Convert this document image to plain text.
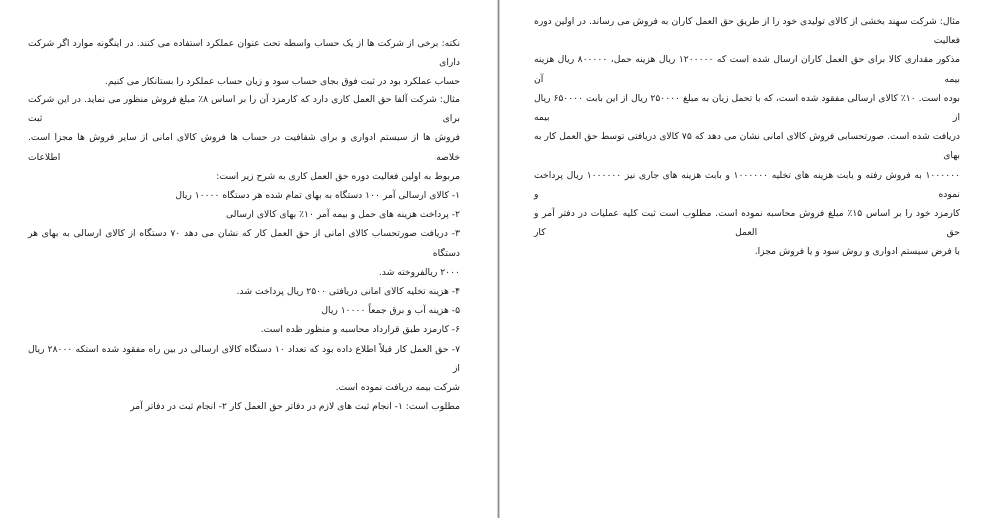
مثال: شرکت سهند بخشی از کالای تولیدی خود را از طریق حق العمل کاران به فروش می رساند. در اولین دوره فعالیت
مذکور مقداری کالا برای حق العمل کاران ارسال شده است که ۱۲۰۰۰۰۰ ریال هزینه حمل، ۸۰۰۰۰۰ ریال هزینه بیمه آن
بوده است. ۱۰٪ کالای ارسالی مفقود شده است، که با تحمل زیان به مبلغ ۲۵۰۰۰۰ ریال از این بابت ۶۵۰۰۰۰ ریال از بیمه
دریافت شده است. صورتحسابی فروش کالای امانی نشان می دهد که ۷۵ کالای دریافتی توسط حق العمل کار به بهای
۱۰۰۰۰۰۰ به فروش رفته و بابت هزینه های تخلیه ۱۰۰۰۰۰۰ و بابت هزینه های جاری نیز ۱۰۰۰۰۰۰ ریال پرداخت نموده و
کارمزد خود را بر اساس ۱۵٪ مبلغ فروش محاسبه نموده است. مطلوب است ثبت کلیه عملیات در دفتر آمر و حق العمل کار
با فرض سیستم ادواری و روش سود و یا فروش مجزا.
نکته: برخی از شرکت ها از یک حساب واسطه تحت عنوان عملکرد استفاده می کنند. در اینگونه موارد اگر شرکت دارای
حساب عملکرد بود در ثبت فوق بجای حساب سود و زیان حساب عملکرد را بستانکار می کنیم.
مثال: شرکت آلفا حق العمل کاری دارد که کارمزد آن را بر اساس ۸٪ مبلغ فروش منظور می نماید. در این شرکت برای ثبت
فروش ها از سیستم ادواری و برای شفافیت در حساب ها فروش کالای امانی از سایر فروش ها مجزا است. خلاصه اطلاعات
مربوط به اولین فعالیت دوره حق العمل کاری به شرح زیر است:
۱- کالای ارسالی آمر ۱۰۰ دستگاه به بهای تمام شده هر دستگاه ۱۰۰۰۰ ریال
۲- پرداخت هزینه های حمل و بیمه آمر ۱۰٪ بهای کالای ارسالی
۳- دریافت صورتحساب کالای امانی از حق العمل کار که نشان می دهد ۷۰ دستگاه از کالای ارسالی به بهای هر دستگاه
۲۰۰۰ ریالفروخته شد.
۴- هزینه تخلیه کالای امانی دریافتی ۲۵۰۰ ریال پرداخت شد.
۵- هزینه آب و برق جمعاً ۱۰۰۰۰ ریال
۶- کارمزد طبق قرارداد محاسبه و منظور ظده است.
۷- حق العمل کار قبلاً اطلاع داده بود که تعداد ۱۰ دستگاه کالای ارسالی در بین راه مفقود شده استکه ۲۸۰۰۰ ریال از
شرکت بیمه دریافت نموده است.
مطلوب است: ۱- انجام ثبت های لازم در دفاتر حق العمل کار ۲- انجام ثبت در دفاتر آمر
